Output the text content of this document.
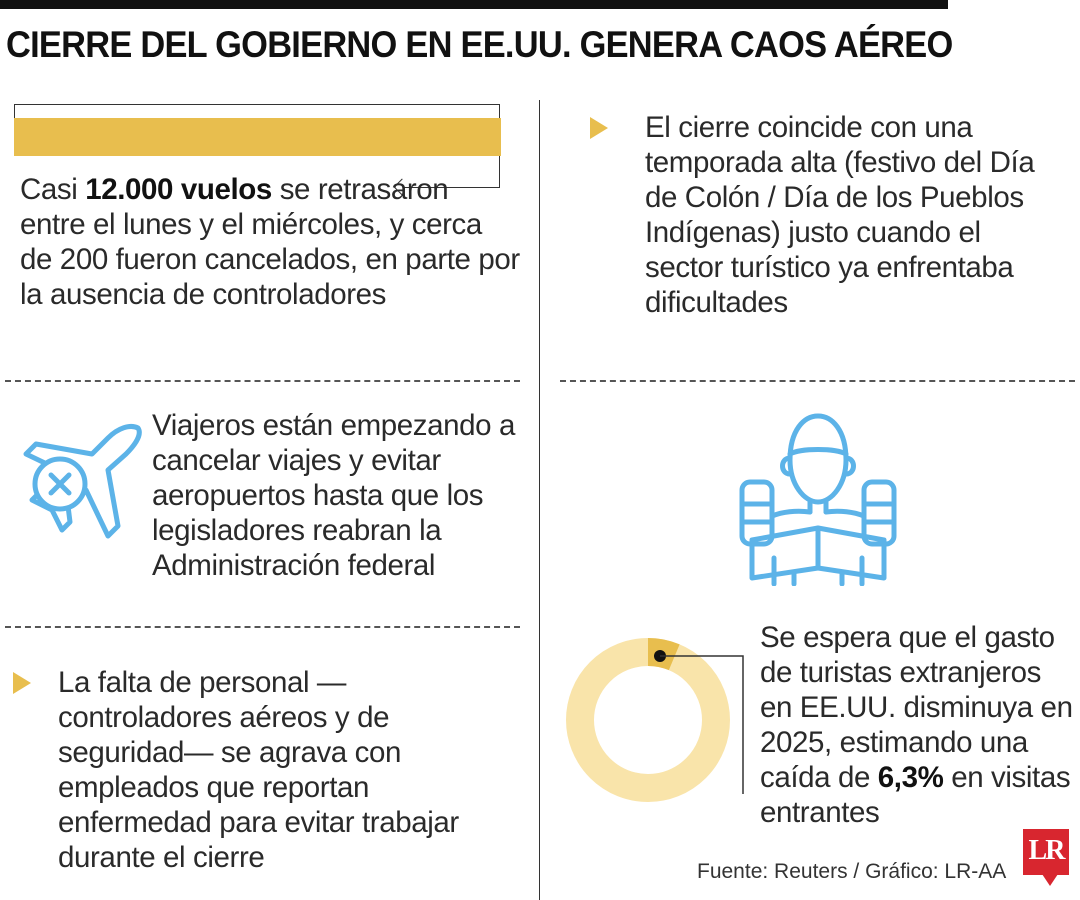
CIERRE DEL GOBIERNO EN EE.UU. GENERA CAOS AÉREO
Casi 12.000 vuelos se retrasaron entre el lunes y el miércoles, y cerca de 200 fueron cancelados, en parte por la ausencia de controladores
El cierre coincide con una temporada alta (festivo del Día de Colón / Día de los Pueblos Indígenas) justo cuando el sector turístico ya enfrentaba dificultades
Viajeros están empezando a cancelar viajes y evitar aeropuertos hasta que los legisladores reabran la Administración federal
La falta de personal —controladores aéreos y de seguridad— se agrava con empleados que reportan enfermedad para evitar trabajar durante el cierre
Se espera que el gasto de turistas extranjeros en EE.UU. disminuya en 2025, estimando una caída de 6,3% en visitas entrantes
Fuente: Reuters / Gráfico: LR-AA
LR
